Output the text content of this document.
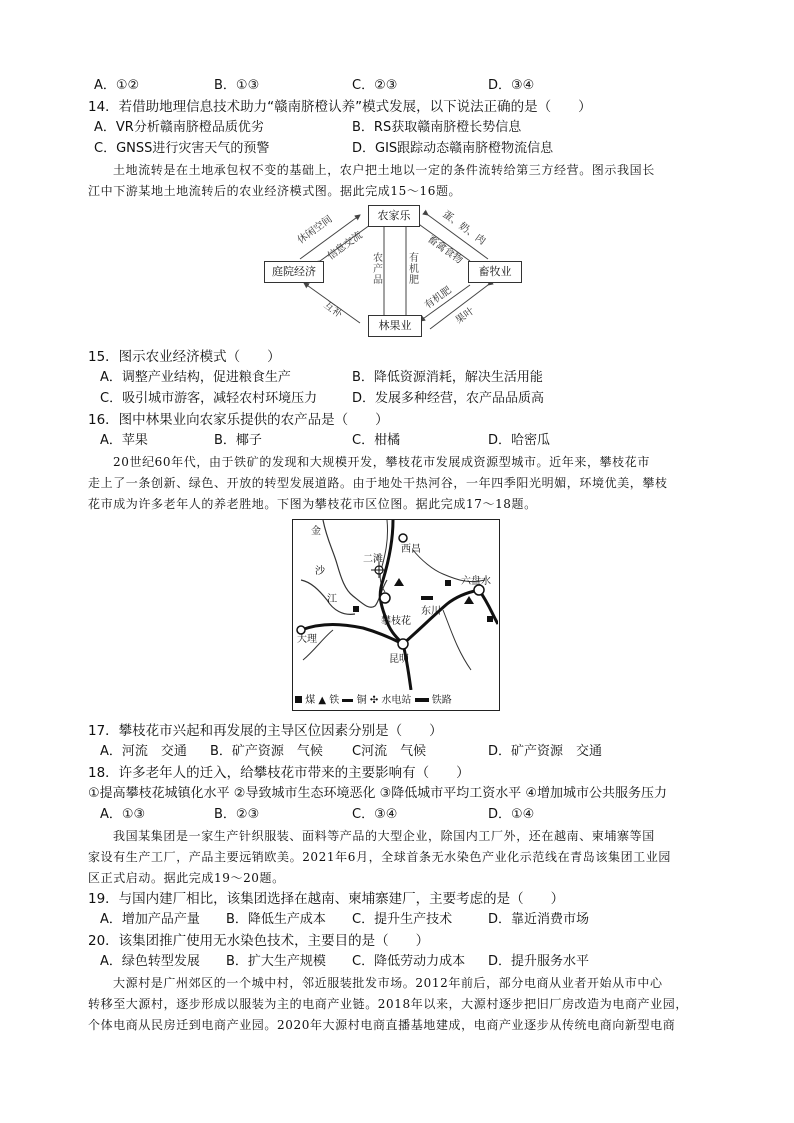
A．①②	B．①③	C．②③	D．③④
14．若借助地理信息技术助力“赣南脐橙认养”模式发展，以下说法正确的是（　　）
A．VR分析赣南脐橙品质优劣	B．RS获取赣南脐橙长势信息
C．GNSS进行灾害天气的预警	D．GIS跟踪动态赣南脐橙物流信息
土地流转是在土地承包权不变的基础上，农户把土地以一定的条件流转给第三方经营。图示我国长
江中下游某地土地流转后的农业经济模式图。据此完成15～16题。
农家乐
庭院经济	畜牧业
林果业
休闲空间
信息交流	蛋、奶、肉
畜禽食物
农产品
有机肥
互补	有机肥
果叶
15．图示农业经济模式（　　）
A．调整产业结构，促进粮食生产	B．降低资源消耗，解决生活用能
C．吸引城市游客，减轻农村环境压力	D．发展多种经营，农产品品质高
16．图中林果业向农家乐提供的农产品是（　　）
A．苹果	B．椰子	C．柑橘	D．哈密瓜
20世纪60年代，由于铁矿的发现和大规模开发，攀枝花市发展成资源型城市。近年来，攀枝花市
走上了一条创新、绿色、开放的转型发展道路。由于地处干热河谷，一年四季阳光明媚，环境优美，攀枝
花市成为许多老年人的养老胜地。下图为攀枝花市区位图。据此完成17～18题。
金
沙
江
二滩
西昌
六盘水
东川
攀枝花
大理
昆明
煤 ▲ 铁 铜 ✣ 水电站 铁路
17．攀枝花市兴起和再发展的主导区位因素分别是（　　）
A．河流　交通 B．矿产资源　气候 C河流　气候	D．矿产资源　交通
18．许多老年人的迁入，给攀枝花市带来的主要影响有（　　）
①提高攀枝花城镇化水平 ②导致城市生态环境恶化 ③降低城市平均工资水平 ④增加城市公共服务压力
A．①③	B．②③	C．③④	D．①④
我国某集团是一家生产针织服装、面料等产品的大型企业，除国内工厂外，还在越南、柬埔寨等国
家设有生产工厂，产品主要远销欧美。2021年6月，全球首条无水染色产业化示范线在青岛该集团工业园
区正式启动。据此完成19～20题。
19．与国内建厂相比，该集团选择在越南、柬埔寨建厂，主要考虑的是（　　）
A．增加产品产量 B．降低生产成本 C．提升生产技术	D．靠近消费市场
20．该集团推广使用无水染色技术，主要目的是（　　）
A．绿色转型发展 B．扩大生产规模 C．降低劳动力成本 D．提升服务水平
大源村是广州郊区的一个城中村，邻近服装批发市场。2012年前后，部分电商从业者开始从市中心
转移至大源村，逐步形成以服装为主的电商产业链。2018年以来，大源村逐步把旧厂房改造为电商产业园，
个体电商从民房迁到电商产业园。2020年大源村电商直播基地建成，电商产业逐步从传统电商向新型电商
